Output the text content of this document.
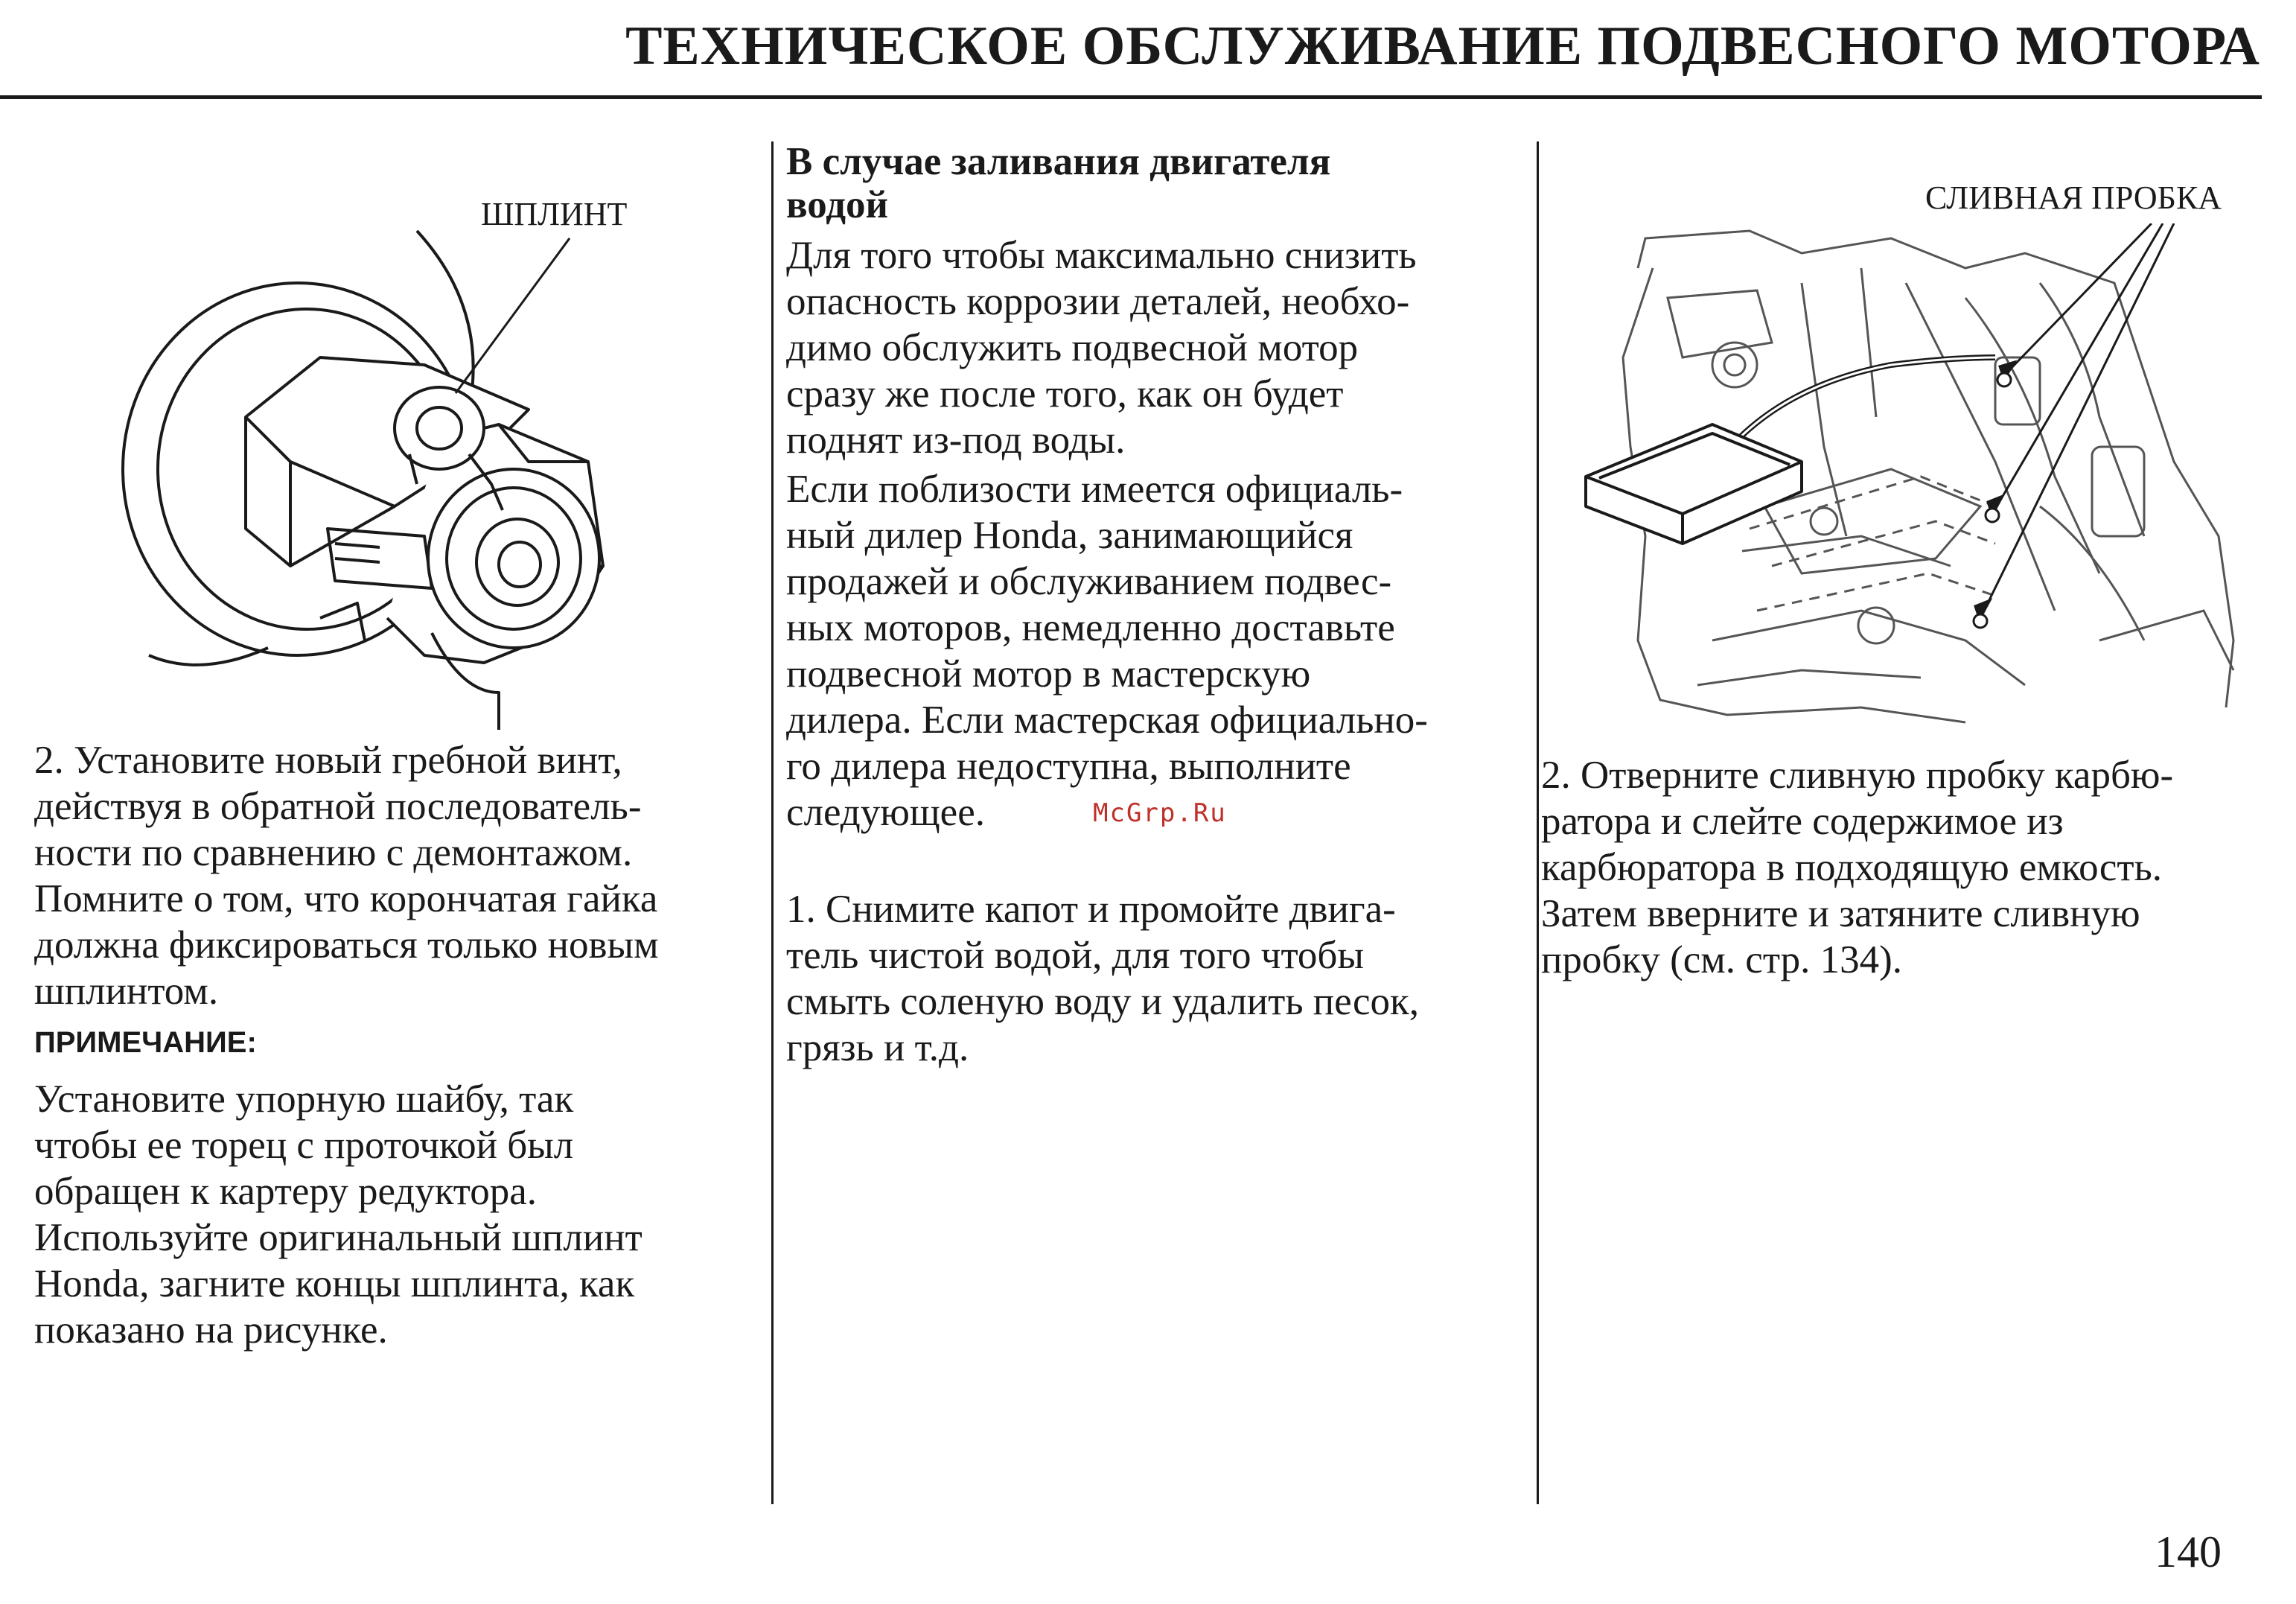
ТЕХНИЧЕСКОЕ ОБСЛУЖИВАНИЕ ПОДВЕСНОГО МОТОРА
ШПЛИНТ
2. Установите новый гребной винт,
действуя в обратной последователь-
ности по сравнению с демонтажом.
Помните о том, что корончатая гайка
должна фиксироваться только новым
шплинтом.
ПРИМЕЧАНИЕ:
Установите упорную шайбу, так
чтобы ее торец с проточкой был
обращен к картеру редуктора.
Используйте оригинальный шплинт
Honda, загните концы шплинта, как
показано на рисунке.
В случае заливания двигателя
водой
Для того чтобы максимально снизить
опасность коррозии деталей, необхо-
димо обслужить подвесной мотор
сразу же после того, как он будет
поднят из-под воды.
Если поблизости имеется официаль-
ный дилер Honda, занимающийся
продажей и обслуживанием подвес-
ных моторов, немедленно доставьте
подвесной мотор в мастерскую
дилера. Если мастерская официально-
го дилера недоступна, выполните
следующее.	McGrp.Ru
1. Снимите капот и промойте двига-
тель чистой водой, для того чтобы
смыть соленую воду и удалить песок,
грязь и т.д.
СЛИВНАЯ ПРОБКА
2. Отверните сливную пробку карбю-
ратора и слейте содержимое из
карбюратора в подходящую емкость.
Затем вверните и затяните сливную
пробку (см. стр. 134).
140
